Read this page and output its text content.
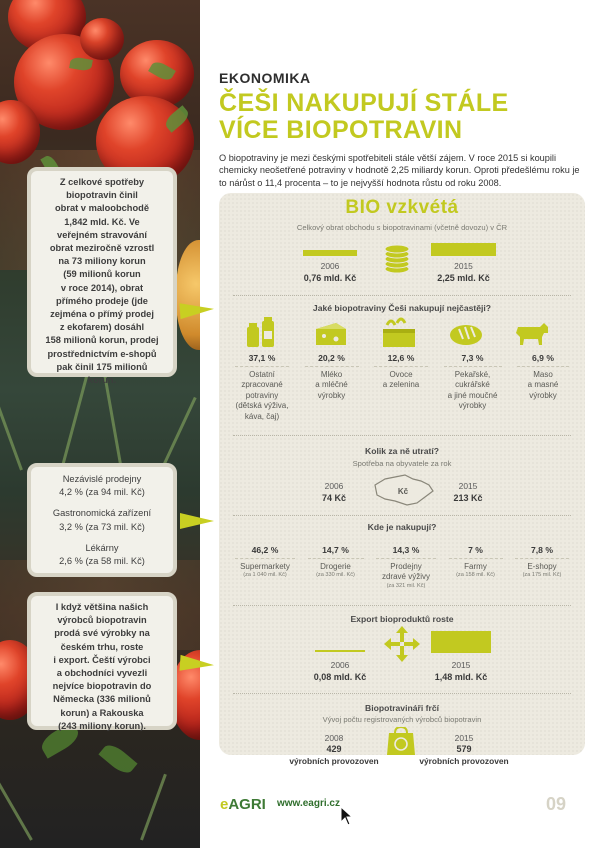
Z celkové spotřeby

biopotravin činil

obrat v maloobchodě

1,842 mld. Kč. Ve

veřejném stravování

obrat meziročně vzrostl

na 73 miliony korun

(59 milionů korun

v roce 2014), obrat

přímého prodeje (jde

zejména o přímý prodej

z ekofarem) dosáhl

158 milionů korun, prodej

prostřednictvím e-shopů

pak činil 175 milionů

korun.

Nezávislé prodejny

4,2 % (za 94 mil. Kč)

Gastronomická zařízení

3,2 % (za 73 mil. Kč)

Lékárny

2,6 % (za 58 mil. Kč)

I když většina našich

výrobců biopotravin

prodá své výrobky na

českém trhu, roste

i export. Čeští výrobci

a obchodníci vyvezli

nejvíce biopotravin do

Německa (336 milionů

korun) a Rakouska

(243 miliony korun).

EKONOMIKA
ČEŠI NAKUPUJÍ STÁLE
VÍCE BIOPOTRAVIN
O biopotraviny je mezi českými spotřebiteli stále větší zájem. V roce 2015 si koupili chemicky neošetřené potraviny v hodnotě 2,25 miliardy korun. Oproti předešlému roku je to nárůst o 11,4 procenta – to je nejvyšší hodnota růstu od roku 2008.
BIO vzkvétá
Celkový obrat obchodu s biopotravinami (včetně dovozu) v ČR
2006
0,76 mld. Kč
2015
2,25 mld. Kč
Jaké biopotraviny Češi nakupují nejčastěji?
37,1 %
Ostatní
zpracované
potraviny
(dětská výživa,
káva, čaj)
20,2 %
Mléko
a mléčné
výrobky
12,6 %
Ovoce
a zelenina
7,3 %
Pekařské,
cukrářské
a jiné moučné
výrobky
6,9 %
Maso
a masné
výrobky
Kolik za ně utratí?
Spotřeba na obyvatele za rok
Kč
2006
74 Kč
2015
213 Kč
Kde je nakupují?
46,2 %
Supermarkety
(za 1 040 mil. Kč)
14,7 %
Drogerie
(za 330 mil. Kč)
14,3 %
Prodejny
zdravé výživy
(za 321 mil. Kč)
7 %
Farmy
(za 158 mil. Kč)
7,8 %
E-shopy
(za 175 mil. Kč)
Export bioproduktů roste
2006
0,08 mld. Kč
2015
1,48 mld. Kč
Biopotravináři frčí
Vývoj počtu registrovaných výrobců biopotravin
2008
429
výrobních provozoven
2015
579
výrobních provozoven
eAGRI www.eagri.cz	09
